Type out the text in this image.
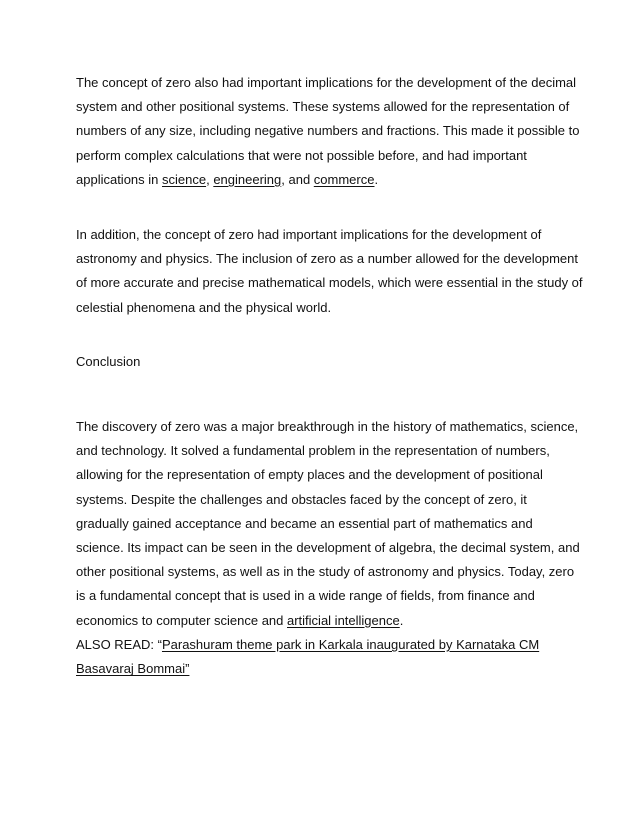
The concept of zero also had important implications for the development of the decimal
system and other positional systems. These systems allowed for the representation of
numbers of any size, including negative numbers and fractions. This made it possible to
perform complex calculations that were not possible before, and had important
applications in science, engineering, and commerce.

In addition, the concept of zero had important implications for the development of
astronomy and physics. The inclusion of zero as a number allowed for the development
of more accurate and precise mathematical models, which were essential in the study of
celestial phenomena and the physical world.

Conclusion

The discovery of zero was a major breakthrough in the history of mathematics, science,
and technology. It solved a fundamental problem in the representation of numbers,
allowing for the representation of empty places and the development of positional
systems. Despite the challenges and obstacles faced by the concept of zero, it
gradually gained acceptance and became an essential part of mathematics and
science. Its impact can be seen in the development of algebra, the decimal system, and
other positional systems, as well as in the study of astronomy and physics. Today, zero
is a fundamental concept that is used in a wide range of fields, from finance and
economics to computer science and artificial intelligence.

ALSO READ: “Parashuram theme park in Karkala inaugurated by Karnataka CM
Basavaraj Bommai”
